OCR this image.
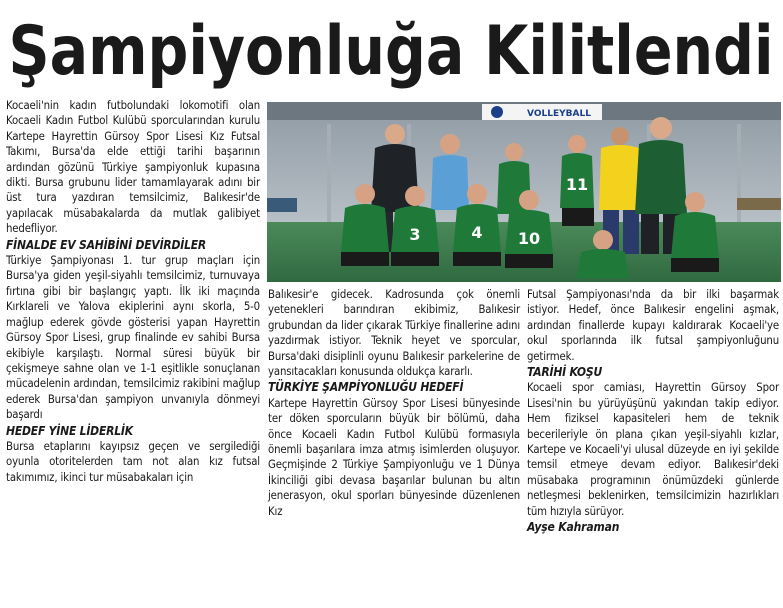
Şampiyonluğa Kilitlendi
VOLLEYBALL
11
3	4 10

Kocaeli'nin kadın futbolundaki lokomotifi olan Kocaeli Kadın Futbol Kulübü sporcularından kurulu Kartepe Hayrettin Gürsoy Spor Lisesi Kız Futsal Takımı, Bursa'da elde ettiği tarihi başarının ardından gözünü Türkiye şampiyonluk kupasına dikti. Bursa grubunu lider tamamlayarak adını bir üst tura yazdıran temsilcimiz, Balıkesir'de yapılacak müsabakalarda da mutlak galibiyet hedefliyor.

FİNALDE EV SAHİBİNİ DEVİRDİLER

Türkiye Şampiyonası 1. tur grup maçları için Bursa'ya giden yeşil-siyahlı temsilcimiz, turnuvaya fırtına gibi bir başlangıç yaptı. İlk iki maçında Kırklareli ve Yalova ekiplerini aynı skorla, 5-0 mağlup ederek gövde gösterisi yapan Hayrettin Gürsoy Spor Lisesi, grup finalinde ev sahibi Bursa ekibiyle karşılaştı. Normal süresi büyük bir çekişmeye sahne olan ve 1-1 eşitlikle sonuçlanan mücadelenin ardından, temsilcimiz rakibini mağlup ederek Bursa'dan şampiyon unvanıyla dönmeyi başardı

HEDEF YİNE LİDERLİK

Bursa etaplarını kayıpsız geçen ve sergilediği oyunla otoritelerden tam not alan kız futsal takımımız, ikinci tur müsabakaları için

Balıkesir'e gidecek. Kadrosunda çok önemli yetenekleri barındıran ekibimiz, Balıkesir grubundan da lider çıkarak Türkiye finallerine adını yazdırmak istiyor. Teknik heyet ve sporcular, Bursa'daki disiplinli oyunu Balıkesir parkelerine de yansıtacakları konusunda oldukça kararlı.

TÜRKİYE ŞAMPİYONLUĞU HEDEFİ

Kartepe Hayrettin Gürsoy Spor Lisesi bünyesinde ter döken sporcuların büyük bir bölümü, daha önce Kocaeli Kadın Futbol Kulübü formasıyla önemli başarılara imza atmış isimlerden oluşuyor. Geçmişinde 2 Türkiye Şampiyonluğu ve 1 Dünya İkinciliği gibi devasa başarılar bulunan bu altın jenerasyon, okul sporları bünyesinde düzenlenen Kız

Futsal Şampiyonası'nda da bir ilki başarmak istiyor. Hedef, önce Balıkesir engelini aşmak, ardından finallerde kupayı kaldırarak Kocaeli'ye okul sporlarında ilk futsal şampiyonluğunu getirmek.

TARİHİ KOŞU

Kocaeli spor camiası, Hayrettin Gürsoy Spor Lisesi'nin bu yürüyüşünü yakından takip ediyor. Hem fiziksel kapasiteleri hem de teknik becerileriyle ön plana çıkan yeşil-siyahlı kızlar, Kartepe ve Kocaeli'yi ulusal düzeyde en iyi şekilde temsil etmeye devam ediyor. Balıkesir'deki müsabaka programının önümüzdeki günlerde netleşmesi beklenirken, temsilcimizin hazırlıkları tüm hızıyla sürüyor.

Ayşe Kahraman
